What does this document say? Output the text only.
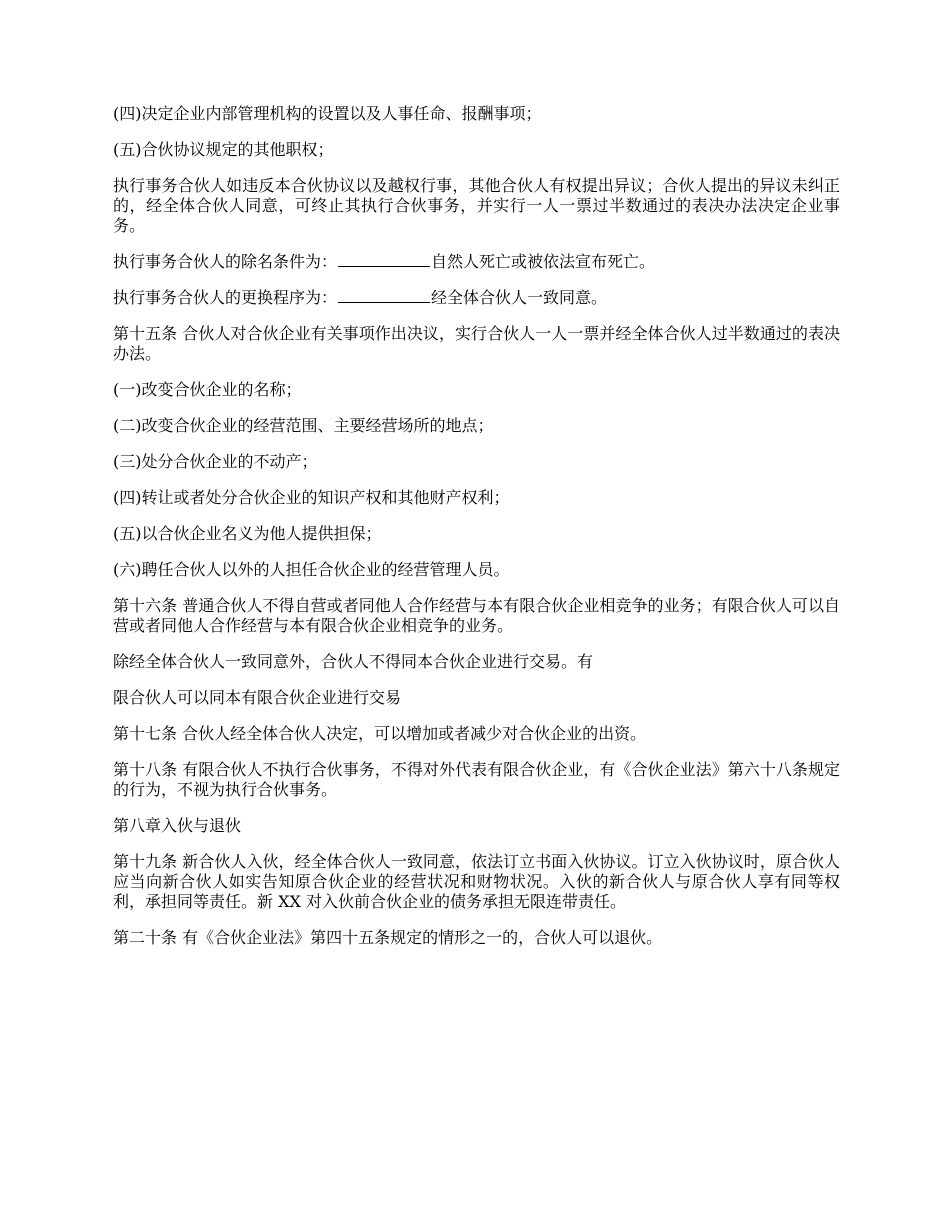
(四)决定企业内部管理机构的设置以及人事任命、报酬事项；

(五)合伙协议规定的其他职权；

执行事务合伙人如违反本合伙协议以及越权行事，其他合伙人有权提出异议；合伙人提出的异议未纠正的，经全体合伙人同意，可终止其执行合伙事务，并实行一人一票过半数通过的表决办法决定企业事务。

执行事务合伙人的除名条件为：	自然人死亡或被依法宣布死亡。

执行事务合伙人的更换程序为：	经全体合伙人一致同意。

第十五条 合伙人对合伙企业有关事项作出决议，实行合伙人一人一票并经全体合伙人过半数通过的表决办法。

(一)改变合伙企业的名称；

(二)改变合伙企业的经营范围、主要经营场所的地点；

(三)处分合伙企业的不动产；

(四)转让或者处分合伙企业的知识产权和其他财产权利；

(五)以合伙企业名义为他人提供担保；

(六)聘任合伙人以外的人担任合伙企业的经营管理人员。

第十六条 普通合伙人不得自营或者同他人合作经营与本有限合伙企业相竞争的业务；有限合伙人可以自营或者同他人合作经营与本有限合伙企业相竞争的业务。

除经全体合伙人一致同意外，合伙人不得同本合伙企业进行交易。有

限合伙人可以同本有限合伙企业进行交易

第十七条 合伙人经全体合伙人决定，可以增加或者减少对合伙企业的出资。

第十八条 有限合伙人不执行合伙事务，不得对外代表有限合伙企业，有《合伙企业法》第六十八条规定的行为，不视为执行合伙事务。

第八章入伙与退伙

第十九条 新合伙人入伙，经全体合伙人一致同意，依法订立书面入伙协议。订立入伙协议时，原合伙人应当向新合伙人如实告知原合伙企业的经营状况和财物状况。入伙的新合伙人与原合伙人享有同等权利，承担同等责任。新 XX 对入伙前合伙企业的债务承担无限连带责任。

第二十条 有《合伙企业法》第四十五条规定的情形之一的，合伙人可以退伙。
